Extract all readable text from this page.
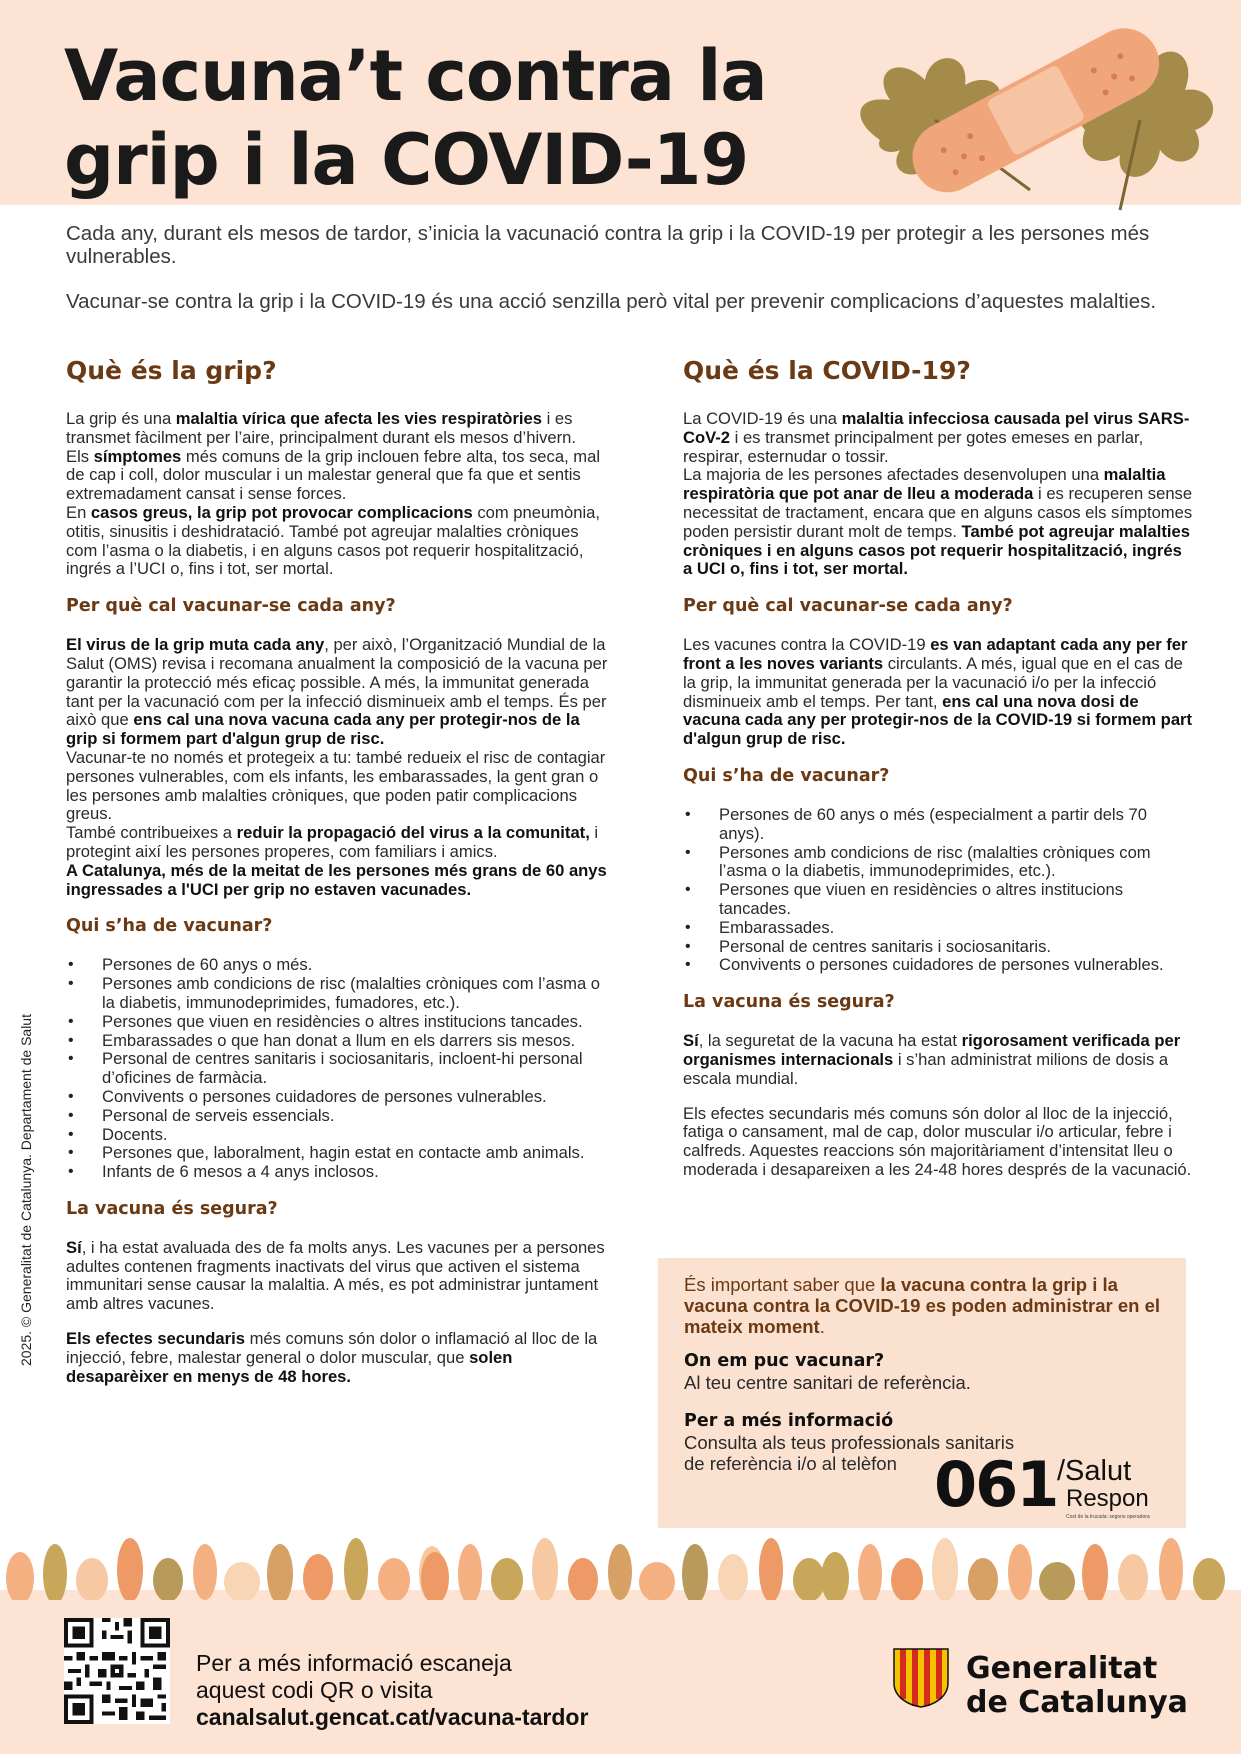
Vacuna’t contra la
grip i la COVID-19

Cada any, durant els mesos de tardor, s’inicia la vacunació contra la grip i la COVID-19 per protegir a les persones més vulnerables.

Vacunar-se contra la grip i la COVID-19 és una acció senzilla però vital per prevenir complicacions d’aquestes malalties.

Què és la grip?

La grip és una malaltia vírica que afecta les vies respiratòries i es transmet fàcilment per l’aire, principalment durant els mesos d’hivern.
Els símptomes més comuns de la grip inclouen febre alta, tos seca, mal de cap i coll, dolor muscular i un malestar general que fa que et sentis extremadament cansat i sense forces.
En casos greus, la grip pot provocar complicacions com pneumònia, otitis, sinusitis i deshidratació. També pot agreujar malalties cròniques com l’asma o la diabetis, i en alguns casos pot requerir hospitalització, ingrés a l’UCI o, fins i tot, ser mortal.

Per què cal vacunar-se cada any?

El virus de la grip muta cada any, per això, l’Organització Mundial de la Salut (OMS) revisa i recomana anualment la composició de la vacuna per garantir la protecció més eficaç possible. A més, la immunitat generada tant per la vacunació com per la infecció disminueix amb el temps. És per això que ens cal una nova vacuna cada any per protegir-nos de la grip si formem part d'algun grup de risc.
Vacunar-te no només et protegeix a tu: també redueix el risc de contagiar persones vulnerables, com els infants, les embarassades, la gent gran o les persones amb malalties cròniques, que poden patir complicacions greus.
També contribueixes a reduir la propagació del virus a la comunitat, i protegint així les persones properes, com familiars i amics.
A Catalunya, més de la meitat de les persones més grans de 60 anys ingressades a l'UCI per grip no estaven vacunades.

Qui s’ha de vacunar?
• Persones de 60 anys o més.
• Persones amb condicions de risc (malalties cròniques com l’asma o la diabetis, immunodeprimides, fumadores, etc.).
• Persones que viuen en residències o altres institucions tancades.
• Embarassades o que han donat a llum en els darrers sis mesos.
• Personal de centres sanitaris i sociosanitaris, incloent-hi personal d’oficines de farmàcia.
• Convivents o persones cuidadores de persones vulnerables.
• Personal de serveis essencials.
• Docents.
• Persones que, laboralment, hagin estat en contacte amb animals.
• Infants de 6 mesos a 4 anys inclosos.
La vacuna és segura?

Sí, i ha estat avaluada des de fa molts anys. Les vacunes per a persones adultes contenen fragments inactivats del virus que activen el sistema immunitari sense causar la malaltia. A més, es pot administrar juntament amb altres vacunes.

Els efectes secundaris més comuns són dolor o inflamació al lloc de la injecció, febre, malestar general o dolor muscular, que solen desaparèixer en menys de 48 hores.

Què és la COVID-19?

La COVID-19 és una malaltia infecciosa causada pel virus SARS-CoV-2 i es transmet principalment per gotes emeses en parlar, respirar, esternudar o tossir.
La majoria de les persones afectades desenvolupen una malaltia respiratòria que pot anar de lleu a moderada i es recuperen sense necessitat de tractament, encara que en alguns casos els símptomes poden persistir durant molt de temps. També pot agreujar malalties cròniques i en alguns casos pot requerir hospitalització, ingrés a UCI o, fins i tot, ser mortal.

Per què cal vacunar-se cada any?

Les vacunes contra la COVID-19 es van adaptant cada any per fer front a les noves variants circulants. A més, igual que en el cas de la grip, la immunitat generada per la vacunació i/o per la infecció disminueix amb el temps. Per tant, ens cal una nova dosi de vacuna cada any per protegir-nos de la COVID-19 si formem part d'algun grup de risc.

Qui s’ha de vacunar?
• Persones de 60 anys o més (especialment a partir dels 70 anys).
• Persones amb condicions de risc (malalties cròniques com l’asma o la diabetis, immunodeprimides, etc.).
• Persones que viuen en residències o altres institucions tancades.
• Embarassades.
• Personal de centres sanitaris i sociosanitaris.
• Convivents o persones cuidadores de persones vulnerables.
La vacuna és segura?

Sí, la seguretat de la vacuna ha estat rigorosament verificada per organismes internacionals i s’han administrat milions de dosis a escala mundial.

Els efectes secundaris més comuns són dolor al lloc de la injecció, fatiga o cansament, mal de cap, dolor muscular i/o articular, febre i calfreds. Aquestes reaccions són majoritàriament d’intensitat lleu o moderada i desapareixen a les 24-48 hores després de la vacunació.

És important saber que la vacuna contra la grip i la vacuna contra la COVID-19 es poden administrar en el mateix moment.

On em puc vacunar?

Al teu centre sanitari de referència.

Per a més informació

Consulta als teus professionals sanitaris
de referència i/o al telèfon 061 /Salut
Respon
Cost de la trucada: segons operadora
2025. © Generalitat de Catalunya. Departament de Salut
Per a més informació escaneja
aquest codi QR o visita
canalsalut.gencat.cat/vacuna-tardor
Generalitat
de Catalunya
